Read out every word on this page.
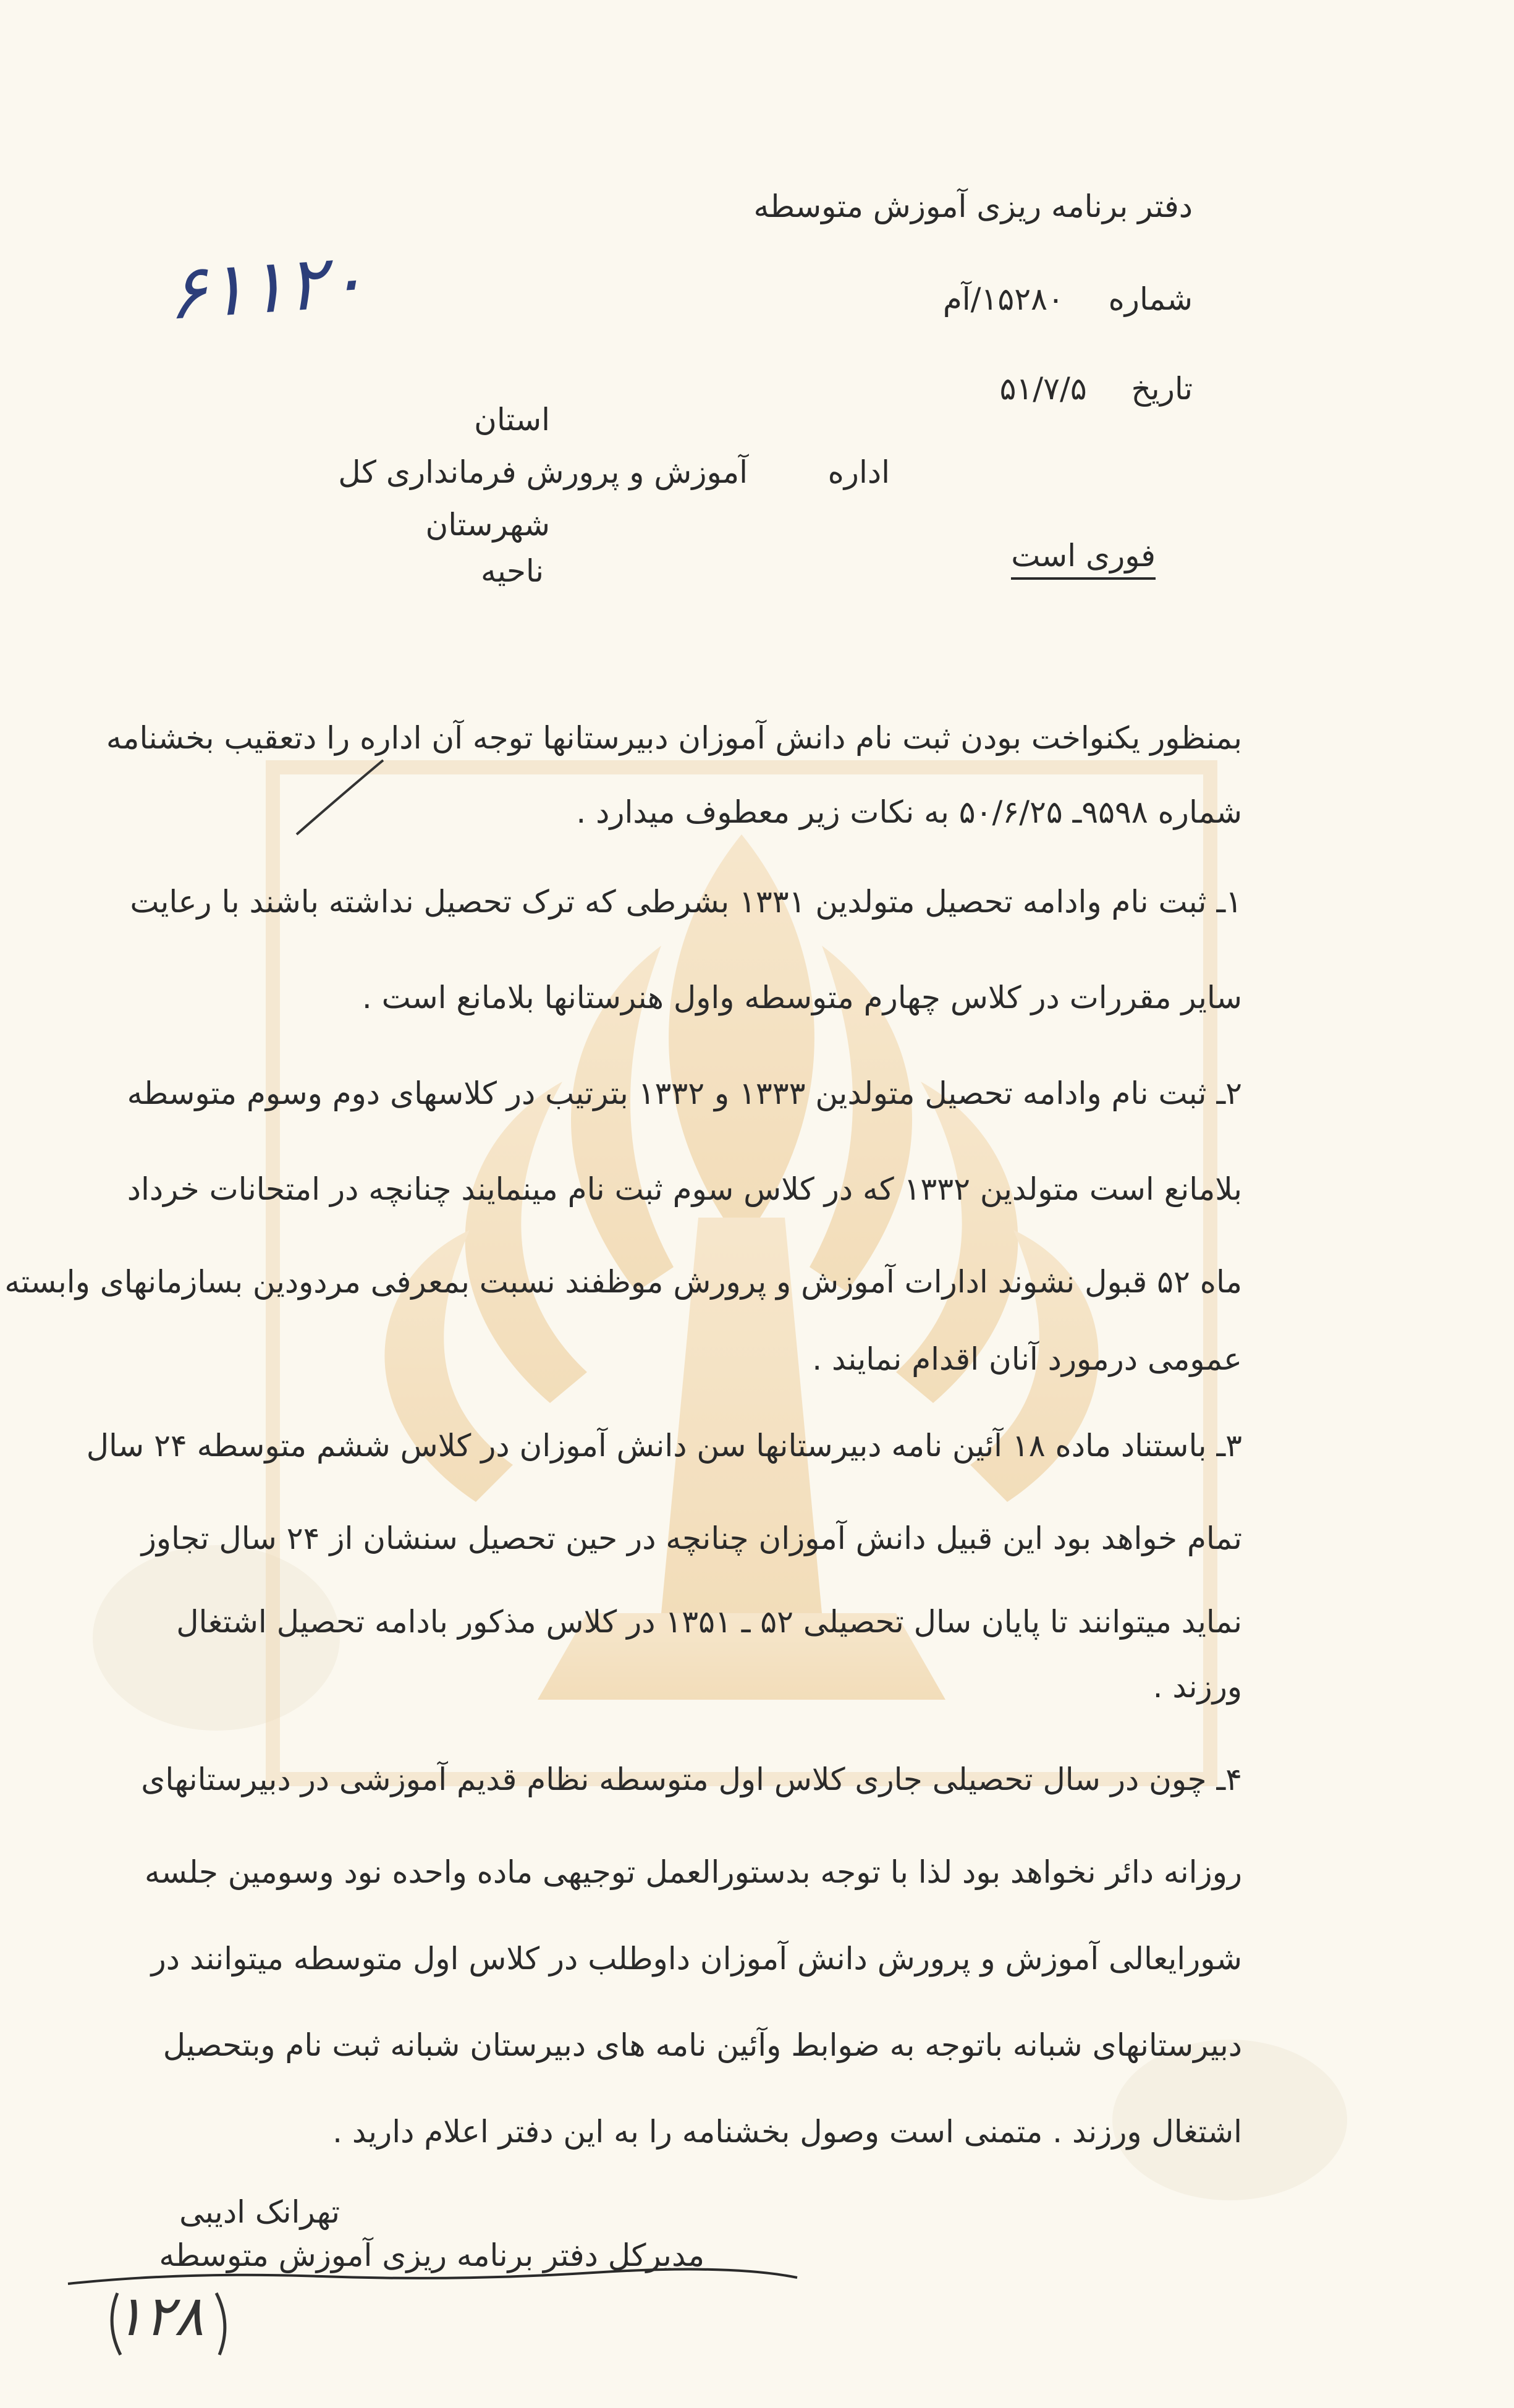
دفتر برنامه ریزی آموزش متوسطه
شماره  ۱۵۲۸۰/آم
تاریخ  ۵۱/۷/۵
۶۱۱۲۰
استان
اداره
آموزش و پرورش فرمانداری کل
شهرستان
ناحیه	فوری است
بمنظور یکنواخت بودن ثبت نام دانش آموزان دبیرستانها توجه آن اداره را دتعقیب بخشنامه
شماره ۹۵۹۸ـ ۵۰/۶/۲۵ به نکات زیر معطوف میدارد .
۱ـ ثبت نام وادامه تحصیل متولدین ۱۳۳۱ بشرطی که ترک تحصیل نداشته باشند با رعایت
سایر مقررات در کلاس چهارم متوسطه واول هنرستانها بلامانع است .
۲ـ ثبت نام وادامه تحصیل متولدین ۱۳۳۳ و ۱۳۳۲ بترتیب در کلاسهای دوم وسوم متوسطه
بلامانع است متولدین ۱۳۳۲ که در کلاس سوم ثبت نام مینمایند چنانچه در امتحانات خرداد
ماه ۵۲ قبول نشوند ادارات آموزش و پرورش موظفند نسبت بمعرفی مردودین بسازمانهای وابسته
عمومی درمورد آنان اقدام نمایند .
۳ـ باستناد ماده ۱۸ آئین نامه دبیرستانها سن دانش آموزان در کلاس ششم متوسطه ۲۴ سال
تمام خواهد بود این قبیل دانش آموزان چنانچه در حین تحصیل سنشان از ۲۴ سال تجاوز
نماید میتوانند تا پایان سال تحصیلی ۵۲ ـ ۱۳۵۱ در کلاس مذکور بادامه تحصیل اشتغال
ورزند .
۴ـ چون در سال تحصیلی جاری کلاس اول متوسطه نظام قدیم آموزشی در دبیرستانهای
روزانه دائر نخواهد بود لذا با توجه بدستورالعمل توجیهی ماده واحده نود وسومین جلسه
شورایعالی آموزش و پرورش دانش آموزان داوطلب در کلاس اول متوسطه میتوانند در
دبیرستانهای شبانه باتوجه به ضوابط وآئین نامه های دبیرستان شبانه ثبت نام وبتحصیل
اشتغال ورزند . متمنی است وصول بخشنامه را به این دفتر اعلام دارید .
تهرانک ادیبی
مدیرکل دفتر برنامه ریزی آموزش متوسطه
۱۲۸
